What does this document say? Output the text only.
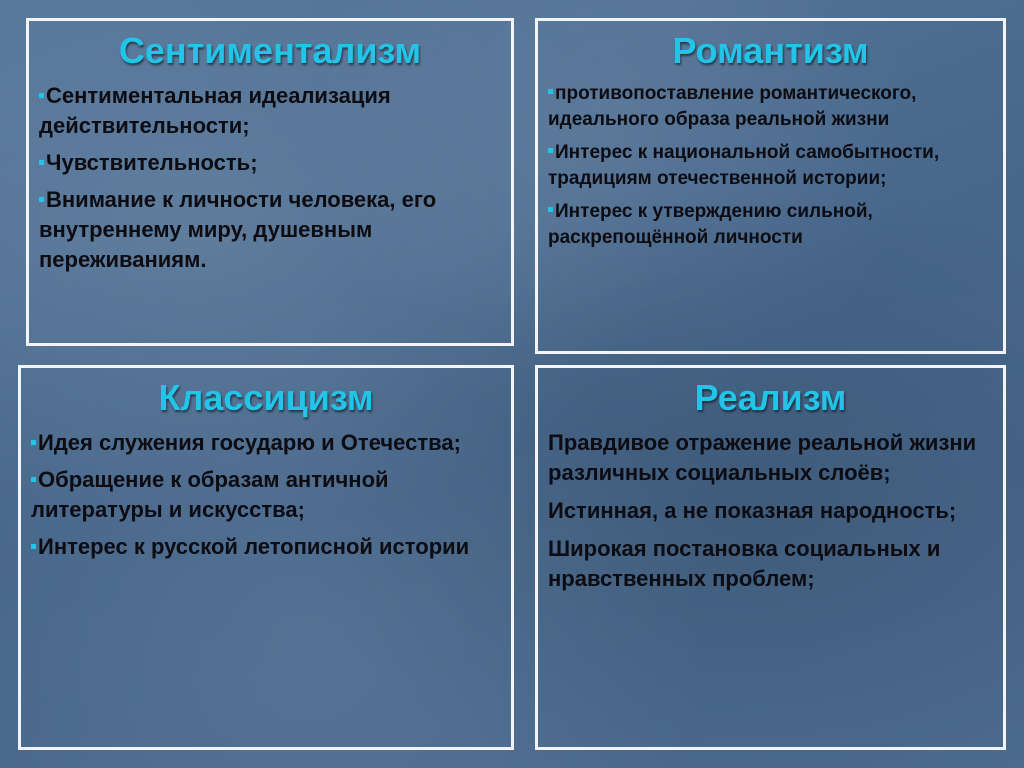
Сентиментализм
Сентиментальная идеализация действительности;
Чувствительность;
Внимание к личности человека, его внутреннему миру, душевным переживаниям.
Романтизм
противопоставление романтического, идеального образа реальной жизни
Интерес к национальной самобытности, традициям отечественной истории;
Интерес к утверждению сильной, раскрепощённой личности
Классицизм
Идея служения государю и Отечества;
Обращение к образам античной литературы и искусства;
Интерес к русской летописной истории
Реализм
Правдивое отражение реальной жизни различных социальных слоёв;
Истинная, а не показная народность;
Широкая постановка социальных и нравственных проблем;
